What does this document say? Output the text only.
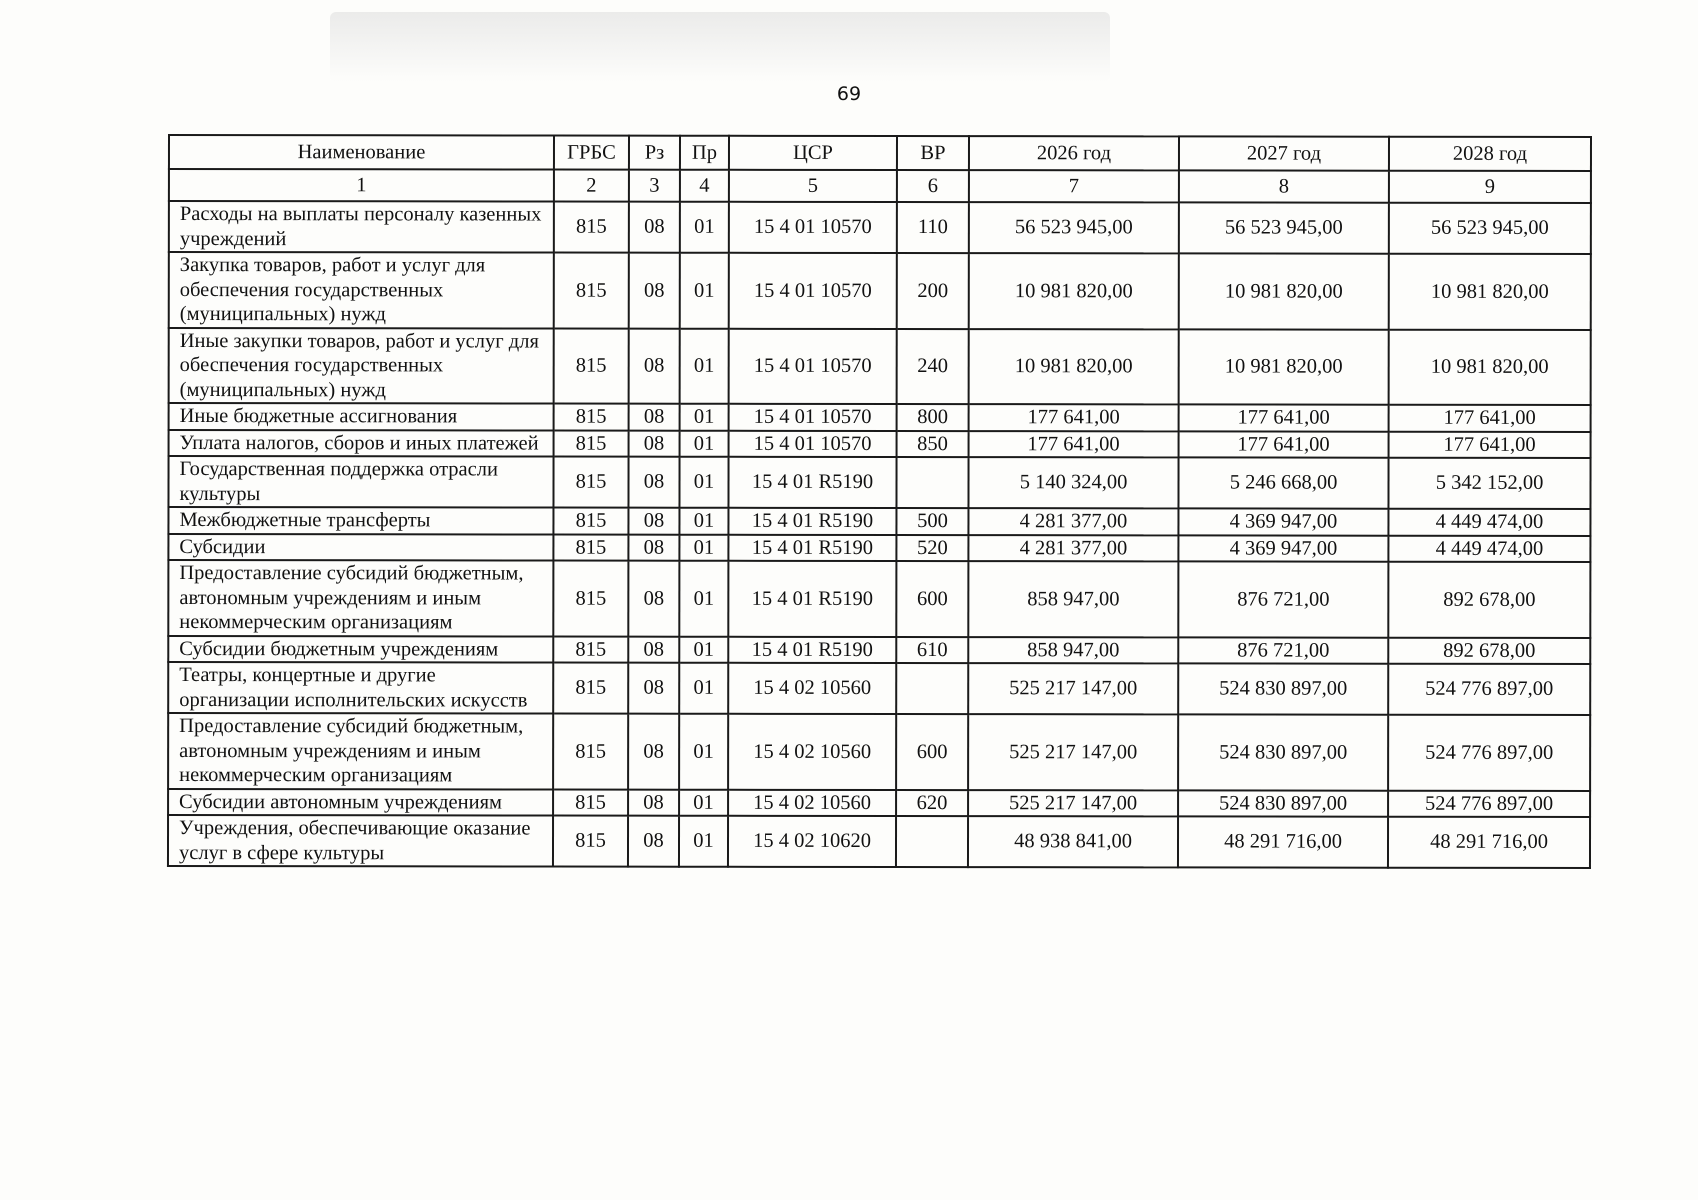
69
Наименование	ГРБС	Рз	Пр	ЦСР	ВР	2026 год	2027 год	2028 год
1	2	3	4	5	6	7	8	9
Расходы на выплаты персоналу казенных учреждений	815	08	01	15 4 01 10570	110	56 523 945,00	56 523 945,00	56 523 945,00
Закупка товаров, работ и услуг для обеспечения государственных (муниципальных) нужд	815	08	01	15 4 01 10570	200	10 981 820,00	10 981 820,00	10 981 820,00
Иные закупки товаров, работ и услуг для обеспечения государственных (муниципальных) нужд	815	08	01	15 4 01 10570	240	10 981 820,00	10 981 820,00	10 981 820,00
Иные бюджетные ассигнования	815	08	01	15 4 01 10570	800	177 641,00	177 641,00	177 641,00
Уплата налогов, сборов и иных платежей	815	08	01	15 4 01 10570	850	177 641,00	177 641,00	177 641,00
Государственная поддержка отрасли культуры	815	08	01	15 4 01 R5190		5 140 324,00	5 246 668,00	5 342 152,00
Межбюджетные трансферты	815	08	01	15 4 01 R5190	500	4 281 377,00	4 369 947,00	4 449 474,00
Субсидии	815	08	01	15 4 01 R5190	520	4 281 377,00	4 369 947,00	4 449 474,00
Предоставление субсидий бюджетным, автономным учреждениям и иным некоммерческим организациям	815	08	01	15 4 01 R5190	600	858 947,00	876 721,00	892 678,00
Субсидии бюджетным учреждениям	815	08	01	15 4 01 R5190	610	858 947,00	876 721,00	892 678,00
Театры, концертные и другие организации исполнительских искусств	815	08	01	15 4 02 10560		525 217 147,00	524 830 897,00	524 776 897,00
Предоставление субсидий бюджетным, автономным учреждениям и иным некоммерческим организациям	815	08	01	15 4 02 10560	600	525 217 147,00	524 830 897,00	524 776 897,00
Субсидии автономным учреждениям	815	08	01	15 4 02 10560	620	525 217 147,00	524 830 897,00	524 776 897,00
Учреждения, обеспечивающие оказание услуг в сфере культуры	815	08	01	15 4 02 10620		48 938 841,00	48 291 716,00	48 291 716,00
